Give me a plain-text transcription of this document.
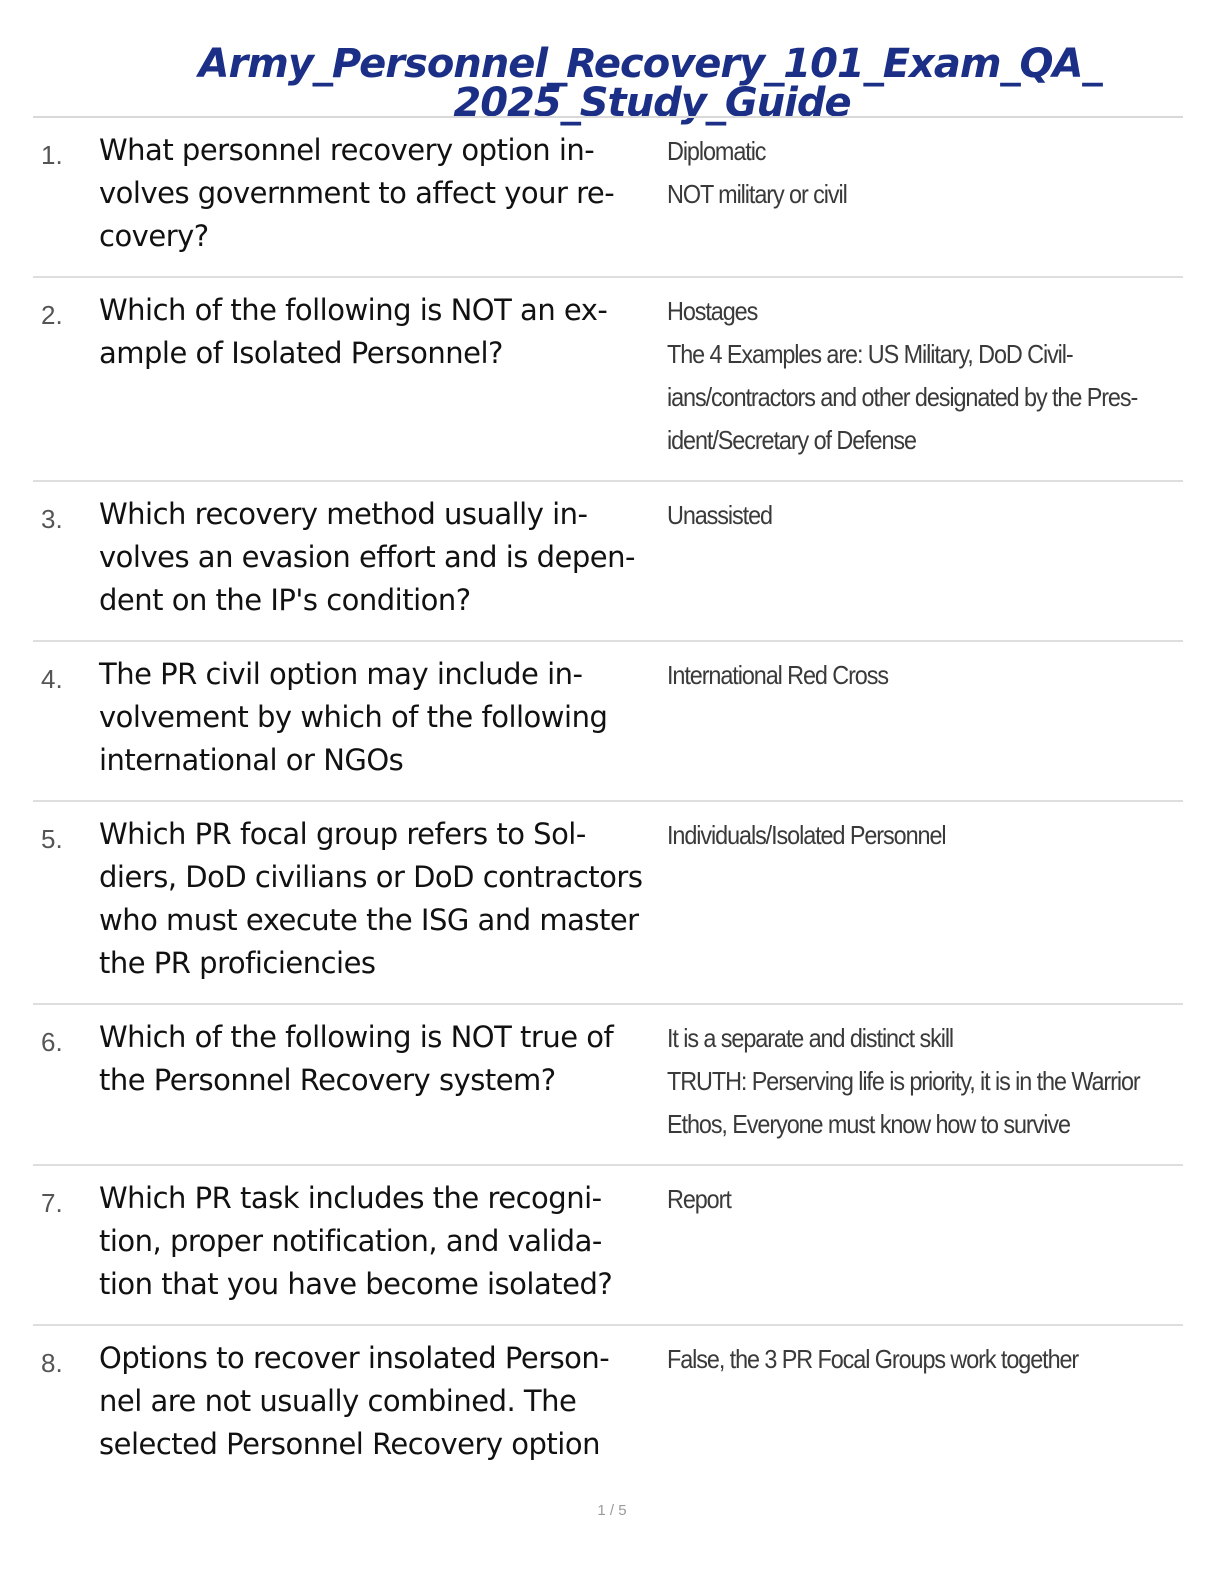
Army_Personnel_Recovery_101_Exam_QA_
2025_Study_Guide
1. What personnel recovery option in-
volves government to affect your re-
covery?
Diplomatic
NOT military or civil
2. Which of the following is NOT an ex-
ample of Isolated Personnel?
Hostages
The 4 Examples are: US Military, DoD Civil-
ians/contractors and other designated by the Pres-
ident/Secretary of Defense
3. Which recovery method usually in-
volves an evasion effort and is depen-
dent on the IP's condition?
Unassisted
4. The PR civil option may include in-
volvement by which of the following
international or NGOs
International Red Cross
5. Which PR focal group refers to Sol-
diers, DoD civilians or DoD contractors
who must execute the ISG and master
the PR proficiencies
Individuals/Isolated Personnel
6. Which of the following is NOT true of
the Personnel Recovery system?
It is a separate and distinct skill
TRUTH: Perserving life is priority, it is in the Warrior
Ethos, Everyone must know how to survive
7. Which PR task includes the recogni-
tion, proper notification, and valida-
tion that you have become isolated?
Report
8. Options to recover insolated Person-
nel are not usually combined. The
selected Personnel Recovery option
False, the 3 PR Focal Groups work together
1 / 5
